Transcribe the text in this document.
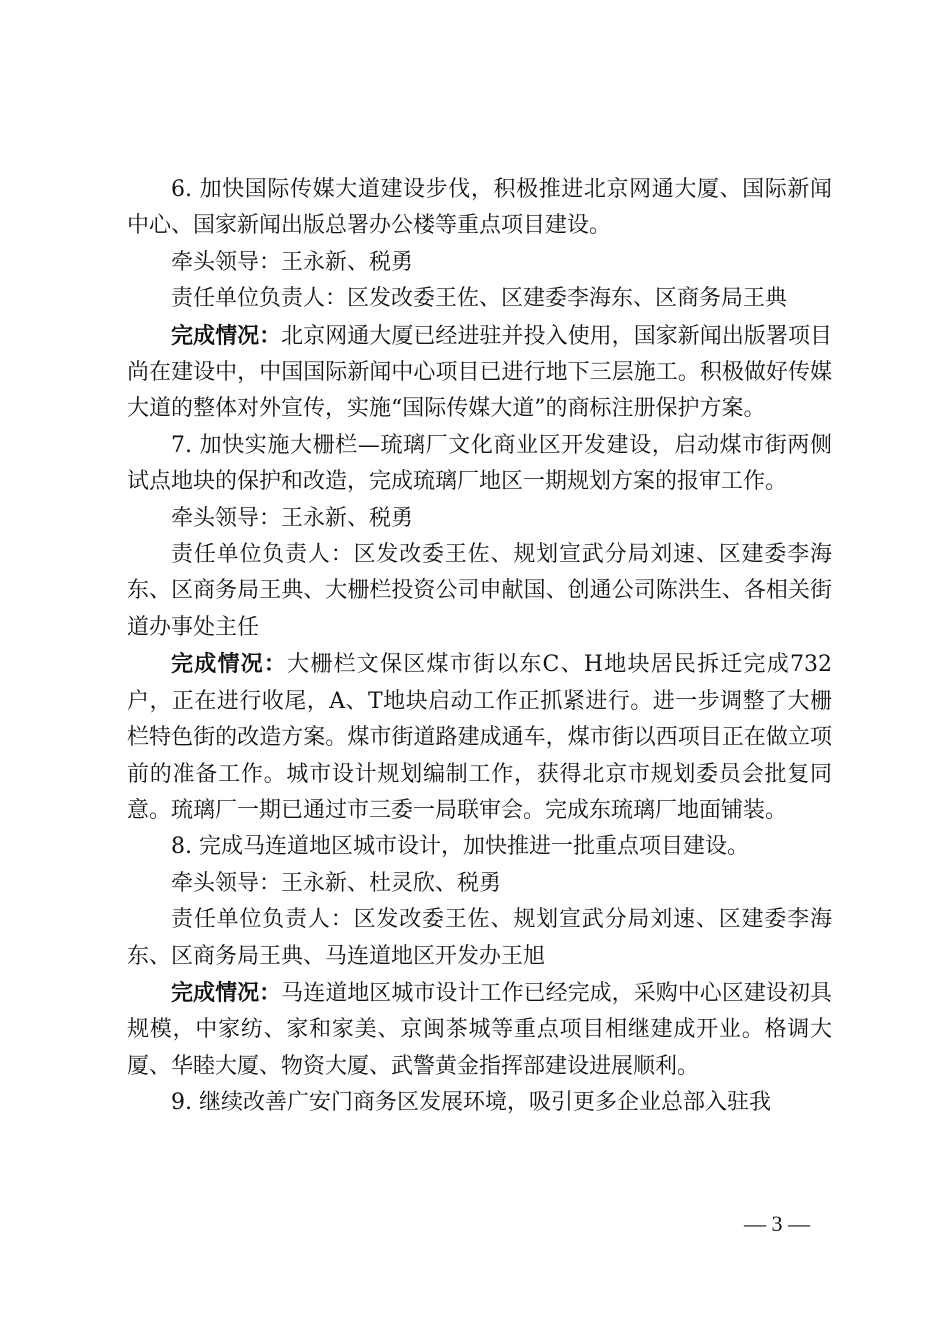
6. 加快国际传媒大道建设步伐，积极推进北京网通大厦、国际新闻中心、国家新闻出版总署办公楼等重点项目建设。

牵头领导：王永新、税勇

责任单位负责人：区发改委王佐、区建委李海东、区商务局王典

完成情况：北京网通大厦已经进驻并投入使用，国家新闻出版署项目尚在建设中，中国国际新闻中心项目已进行地下三层施工。积极做好传媒大道的整体对外宣传，实施“国际传媒大道”的商标注册保护方案。

7. 加快实施大栅栏—琉璃厂文化商业区开发建设，启动煤市街两侧试点地块的保护和改造，完成琉璃厂地区一期规划方案的报审工作。

牵头领导：王永新、税勇

责任单位负责人：区发改委王佐、规划宣武分局刘速、区建委李海东、区商务局王典、大栅栏投资公司申献国、创通公司陈洪生、各相关街道办事处主任

完成情况：大栅栏文保区煤市街以东C、H地块居民拆迁完成732户，正在进行收尾，A、T地块启动工作正抓紧进行。进一步调整了大栅栏特色街的改造方案。煤市街道路建成通车，煤市街以西项目正在做立项前的准备工作。城市设计规划编制工作，获得北京市规划委员会批复同意。琉璃厂一期已通过市三委一局联审会。完成东琉璃厂地面铺装。

8. 完成马连道地区城市设计，加快推进一批重点项目建设。

牵头领导：王永新、杜灵欣、税勇

责任单位负责人：区发改委王佐、规划宣武分局刘速、区建委李海东、区商务局王典、马连道地区开发办王旭

完成情况：马连道地区城市设计工作已经完成，采购中心区建设初具规模，中家纺、家和家美、京闽茶城等重点项目相继建成开业。格调大厦、华睦大厦、物资大厦、武警黄金指挥部建设进展顺利。

9. 继续改善广安门商务区发展环境，吸引更多企业总部入驻我

— 3 —
